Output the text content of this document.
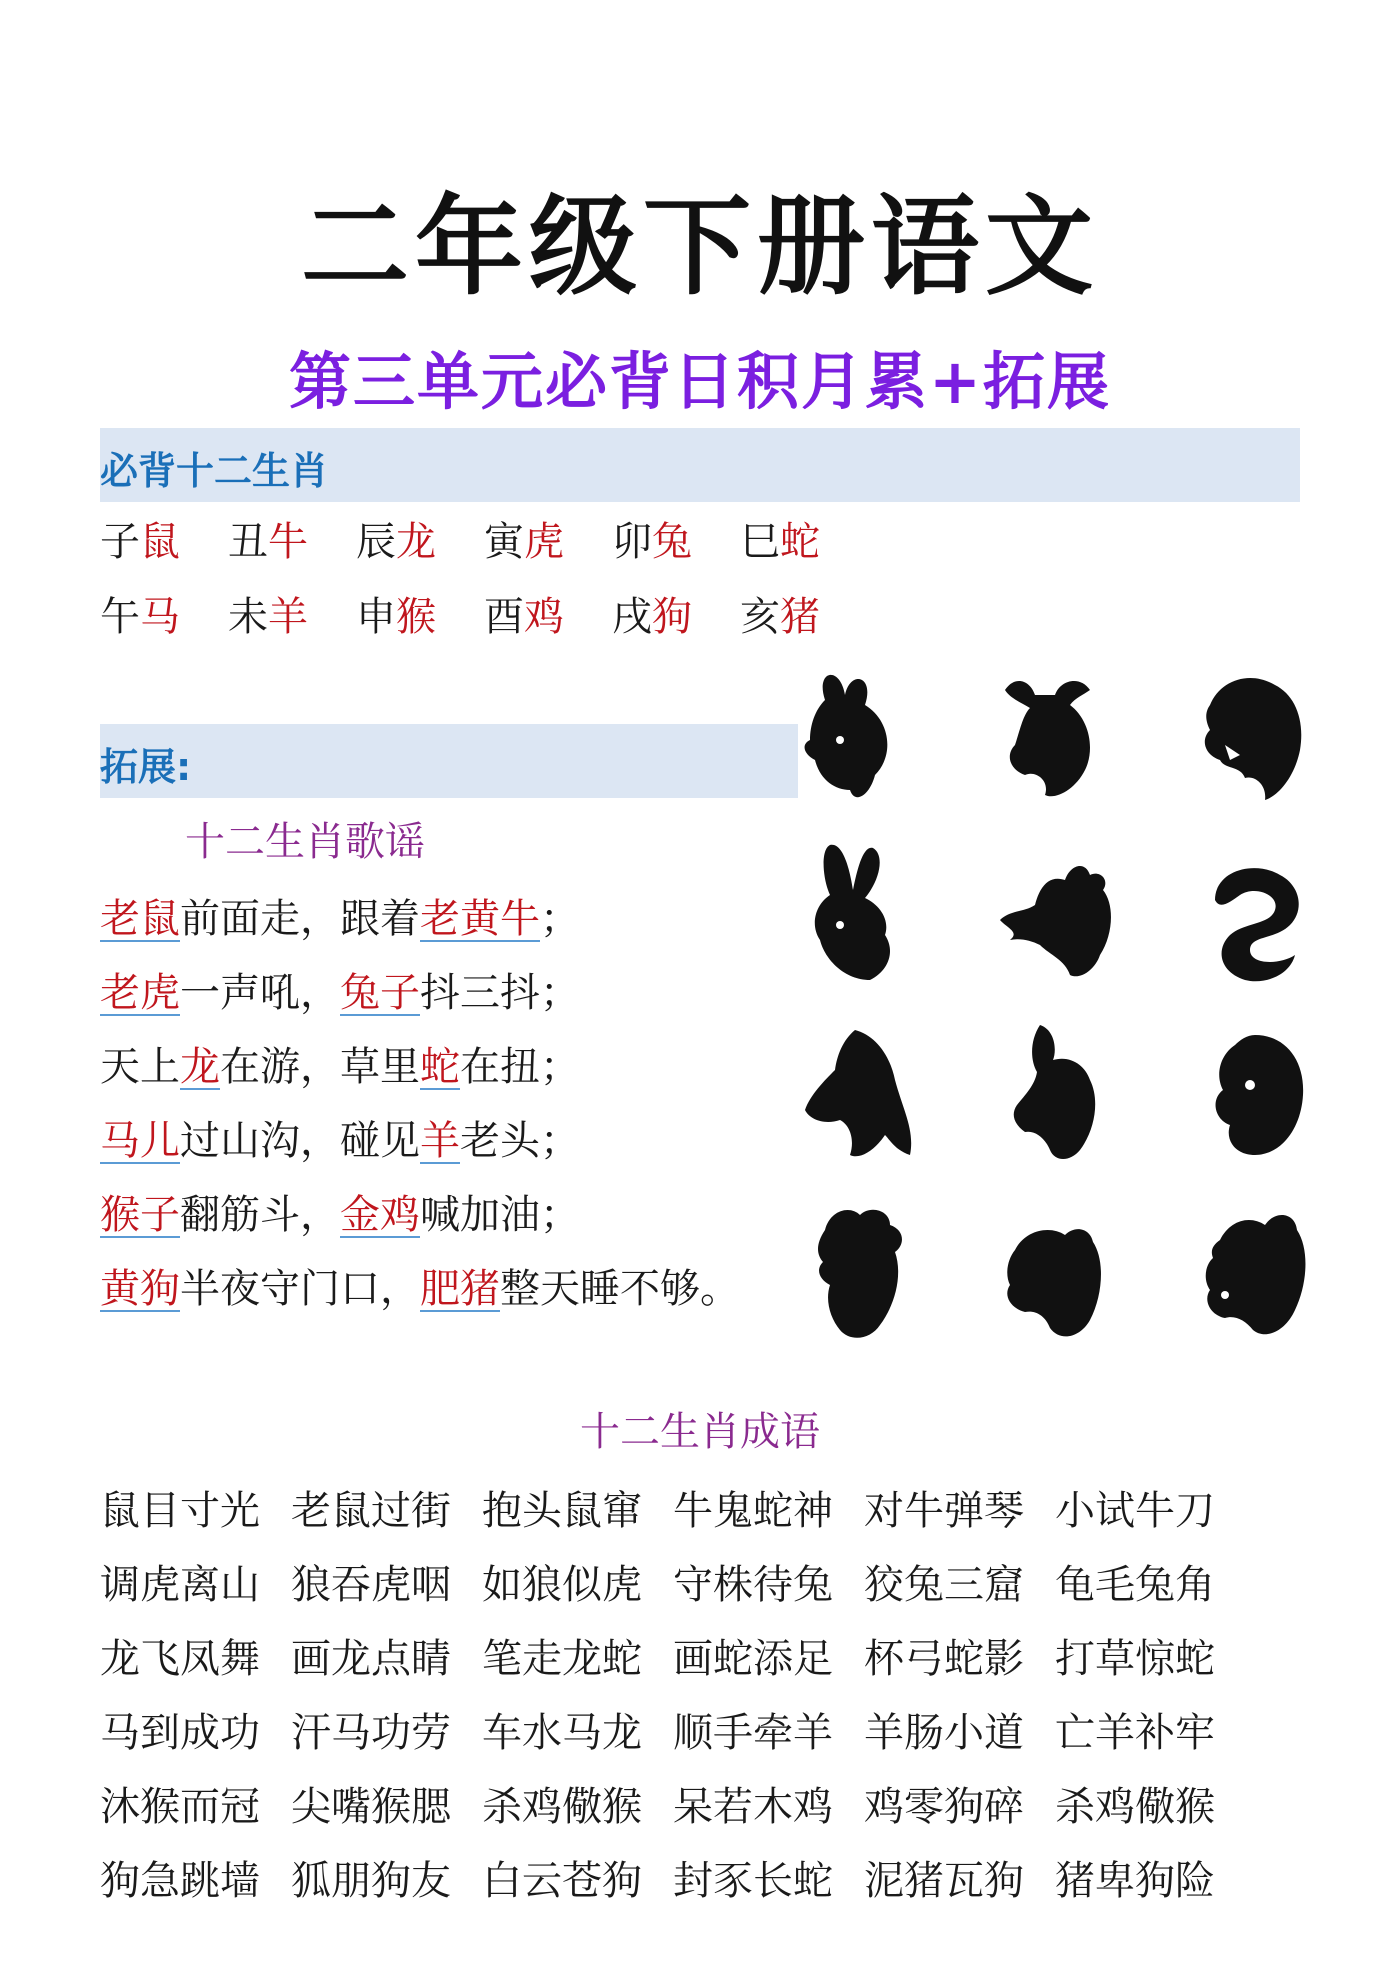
二年级下册语文
第三单元必背日积月累+拓展
必背十二生肖
子鼠	丑牛	辰龙	寅虎	卯兔	巳蛇
午马	未羊	申猴	酉鸡	戌狗	亥猪
拓展:
十二生肖歌谣
老鼠前面走，跟着老黄牛；
老虎一声吼，兔子抖三抖；
天上龙在游，草里蛇在扭；
马儿过山沟，碰见羊老头；
猴子翻筋斗，金鸡喊加油；
黄狗半夜守门口，肥猪整天睡不够。
十二生肖成语
鼠目寸光 老鼠过街 抱头鼠窜 牛鬼蛇神 对牛弹琴 小试牛刀
调虎离山 狼吞虎咽 如狼似虎 守株待兔 狡兔三窟 龟毛兔角
龙飞凤舞 画龙点睛 笔走龙蛇 画蛇添足 杯弓蛇影 打草惊蛇
马到成功 汗马功劳 车水马龙 顺手牵羊 羊肠小道 亡羊补牢
沐猴而冠 尖嘴猴腮 杀鸡儆猴 呆若木鸡 鸡零狗碎 杀鸡儆猴
狗急跳墙 狐朋狗友 白云苍狗 封豕长蛇 泥猪瓦狗 猪卑狗险
